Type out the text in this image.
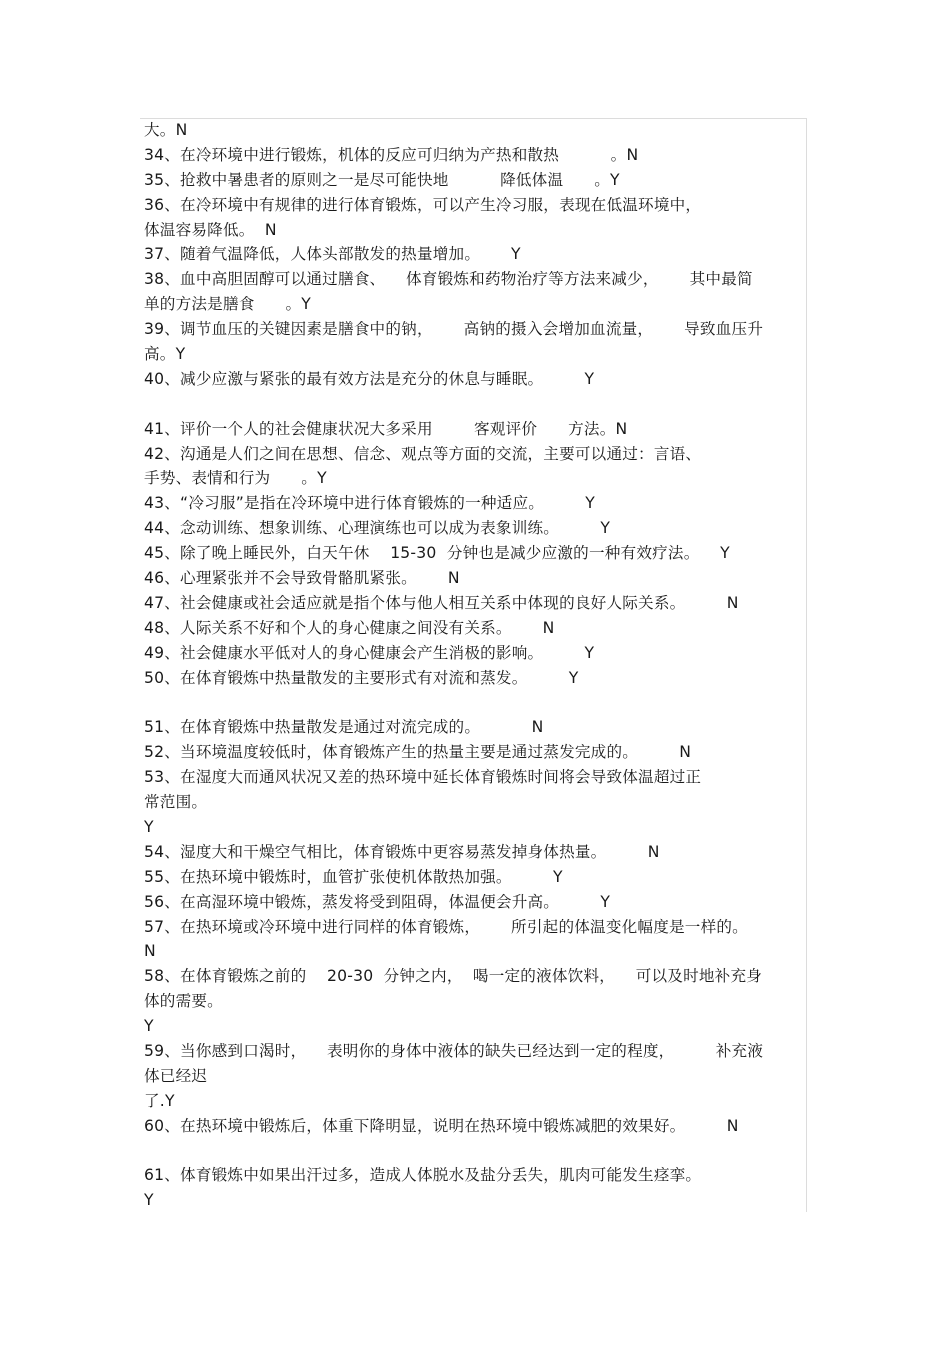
大。N
34、在冷环境中进行锻炼，机体的反应可归纳为产热和散热          。N
35、抢救中暑患者的原则之一是尽可能快地          降低体温      。Y
36、在冷环境中有规律的进行体育锻炼，可以产生冷习服，表现在低温环境中，
体温容易降低。  N
37、随着气温降低，人体头部散发的热量增加。      Y
38、血中高胆固醇可以通过膳食、    体育锻炼和药物治疗等方法来减少，      其中最简
单的方法是膳食      。Y
39、调节血压的关键因素是膳食中的钠，      高钠的摄入会增加血流量，      导致血压升
高。Y
40、减少应激与紧张的最有效方法是充分的休息与睡眠。        Y
41、评价一个人的社会健康状况大多采用        客观评价      方法。N
42、沟通是人们之间在思想、信念、观点等方面的交流，主要可以通过：言语、
手势、表情和行为      。Y
43、“冷习服”是指在冷环境中进行体育锻炼的一种适应。        Y
44、念动训练、想象训练、心理演练也可以成为表象训练。        Y
45、除了晚上睡民外，白天午休    15-30  分钟也是减少应激的一种有效疗法。    Y
46、心理紧张并不会导致骨骼肌紧张。      N
47、社会健康或社会适应就是指个体与他人相互关系中体现的良好人际关系。        N
48、人际关系不好和个人的身心健康之间没有关系。      N
49、社会健康水平低对人的身心健康会产生消极的影响。        Y
50、在体育锻炼中热量散发的主要形式有对流和蒸发。        Y
51、在体育锻炼中热量散发是通过对流完成的。          N
52、当环境温度较低时，体育锻炼产生的热量主要是通过蒸发完成的。        N
53、在湿度大而通风状况又差的热环境中延长体育锻炼时间将会导致体温超过正
常范围。
Y
54、湿度大和干燥空气相比，体育锻炼中更容易蒸发掉身体热量。        N
55、在热环境中锻炼时，血管扩张使机体散热加强。        Y
56、在高湿环境中锻炼，蒸发将受到阻碍，体温便会升高。        Y
57、在热环境或冷环境中进行同样的体育锻炼，      所引起的体温变化幅度是一样的。
N
58、在体育锻炼之前的    20-30  分钟之内，  喝一定的液体饮料，    可以及时地补充身
体的需要。
Y
59、当你感到口渴时，    表明你的身体中液体的缺失已经达到一定的程度，        补充液
体已经迟
了.Y
60、在热环境中锻炼后，体重下降明显，说明在热环境中锻炼减肥的效果好。        N
61、体育锻炼中如果出汗过多，造成人体脱水及盐分丢失，肌肉可能发生痉挛。
Y
